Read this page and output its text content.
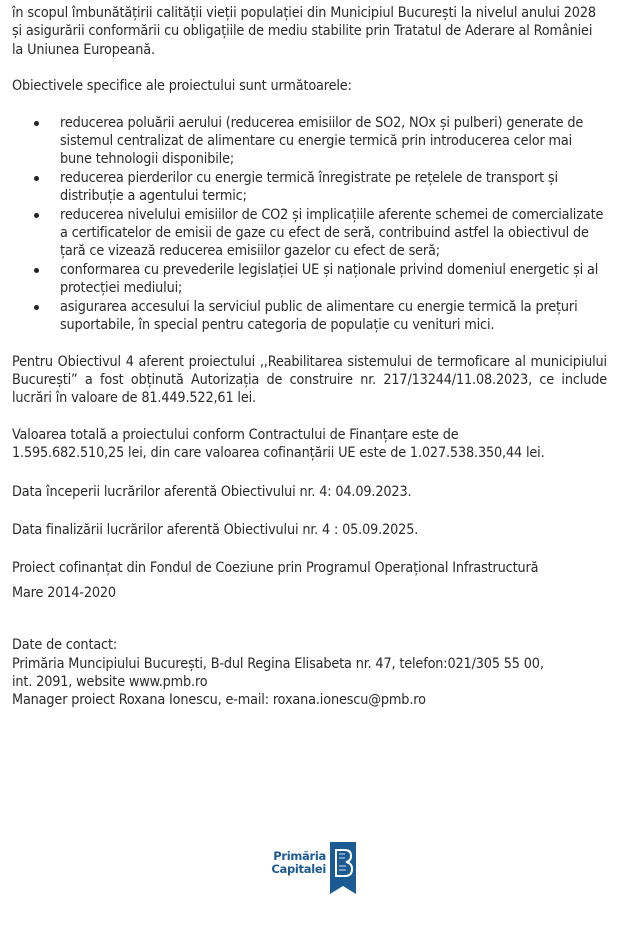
în scopul îmbunătățirii calității vieții populației din Municipiul București la nivelul anului 2028 și asigurării conformării cu obligațiile de mediu stabilite prin Tratatul de Aderare al României la Uniunea Europeană.

Obiectivele specifice ale proiectului sunt următoarele:

reducerea poluării aerului (reducerea emisiilor de SO2, NOx și pulberi) generate de sistemul centralizat de alimentare cu energie termică prin introducerea celor mai bune tehnologii disponibile;
reducerea pierderilor cu energie termică înregistrate pe rețelele de transport și distribuție a agentului termic;
reducerea nivelului emisiilor de CO2 și implicațiile aferente schemei de comercializate a certificatelor de emisii de gaze cu efect de seră, contribuind astfel la obiectivul de țară ce vizează reducerea emisiilor gazelor cu efect de seră;
conformarea cu prevederile legislației UE și naționale privind domeniul energetic și al protecției mediului;
asigurarea accesului la serviciul public de alimentare cu energie termică la prețuri suportabile, în special pentru categoria de populație cu venituri mici.

Pentru Obiectivul 4 aferent proiectului ,,Reabilitarea sistemului de termoficare al municipiului București” a fost obținută Autorizația de construire nr. 217/13244/11.08.2023, ce include lucrări în valoare de 81.449.522,61 lei.

Valoarea totală a proiectului conform Contractului de Finanțare este de

1.595.682.510,25 lei, din care valoarea cofinanțării UE este de 1.027.538.350,44 lei.

Data începerii lucrărilor aferentă Obiectivului nr. 4: 04.09.2023.

Data finalizării lucrărilor aferentă Obiectivului nr. 4 : 05.09.2025.

Proiect cofinanțat din Fondul de Coeziune prin Programul Operațional Infrastructură

Mare 2014-2020

Date de contact:

Primăria Muncipiului București, B-dul Regina Elisabeta nr. 47, telefon:021/305 55 00,

int. 2091, website www.pmb.ro

Manager proiect Roxana Ionescu, e-mail: roxana.ionescu@pmb.ro

Primăria
Capitalei
